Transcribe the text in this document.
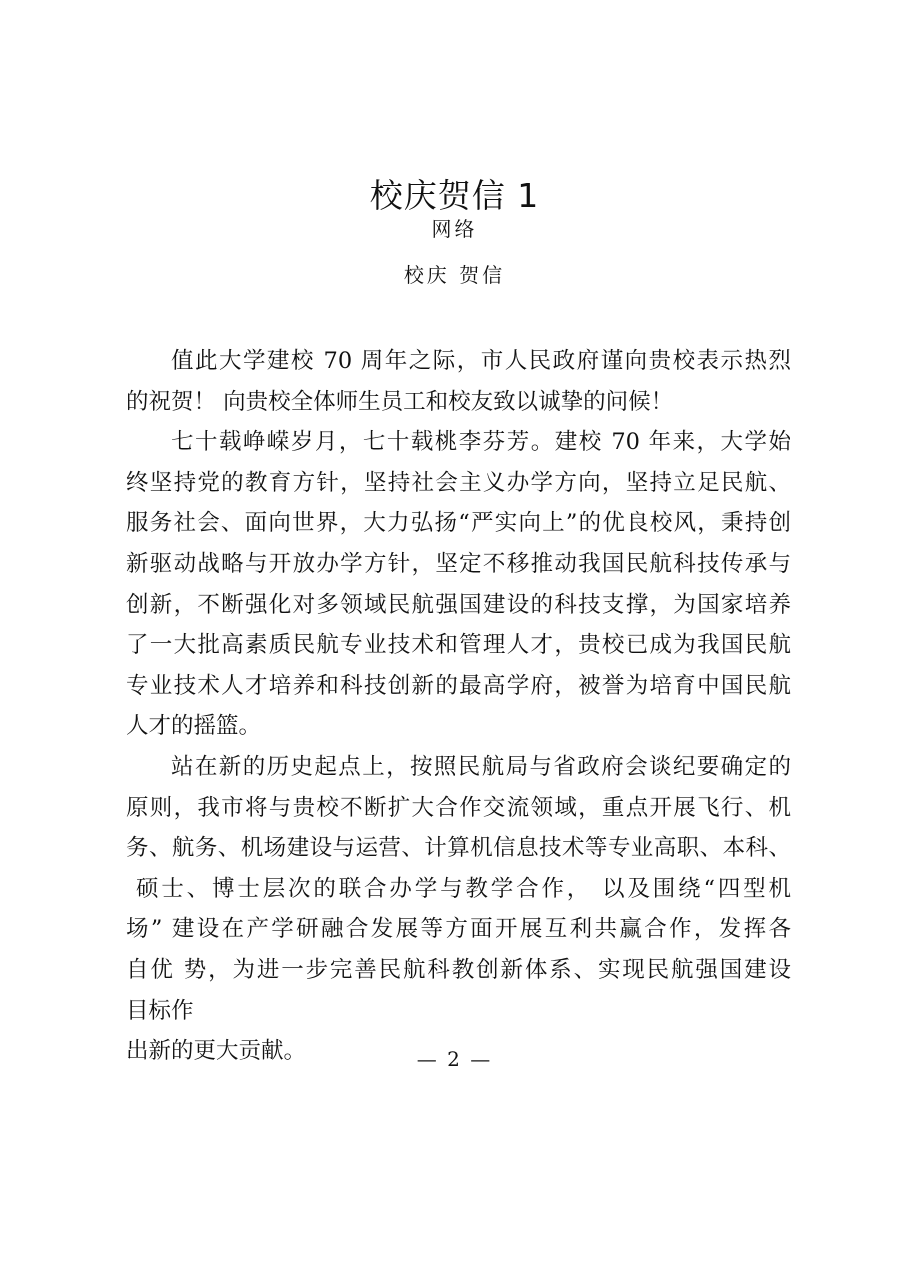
校庆贺信 1
网络
校庆 贺信
值此大学建校 70 周年之际，市人民政府谨向贵校表示热烈
的祝贺！ 向贵校全体师生员工和校友致以诚挚的问候！
七十载峥嵘岁月，七十载桃李芬芳。建校 70 年来，大学始
终坚持党的教育方针，坚持社会主义办学方向，坚持立足民航、
服务社会、面向世界，大力弘扬“严实向上”的优良校风，秉持创
新驱动战略与开放办学方针，坚定不移推动我国民航科技传承与
创新，不断强化对多领域民航强国建设的科技支撑，为国家培养
了一大批高素质民航专业技术和管理人才，贵校已成为我国民航
专业技术人才培养和科技创新的最高学府，被誉为培育中国民航
人才的摇篮。
站在新的历史起点上，按照民航局与省政府会谈纪要确定的
原则，我市将与贵校不断扩大合作交流领域，重点开展飞行、机
务、航务、机场建设与运营、计算机信息技术等专业高职、本科、
硕士、博士层次的联合办学与教学合作， 以及围绕“四型机
场” 建设在产学研融合发展等方面开展互利共赢合作，发挥各
自优 势，为进一步完善民航科教创新体系、实现民航强国建设
目标作
出新的更大贡献。	— 2 —
